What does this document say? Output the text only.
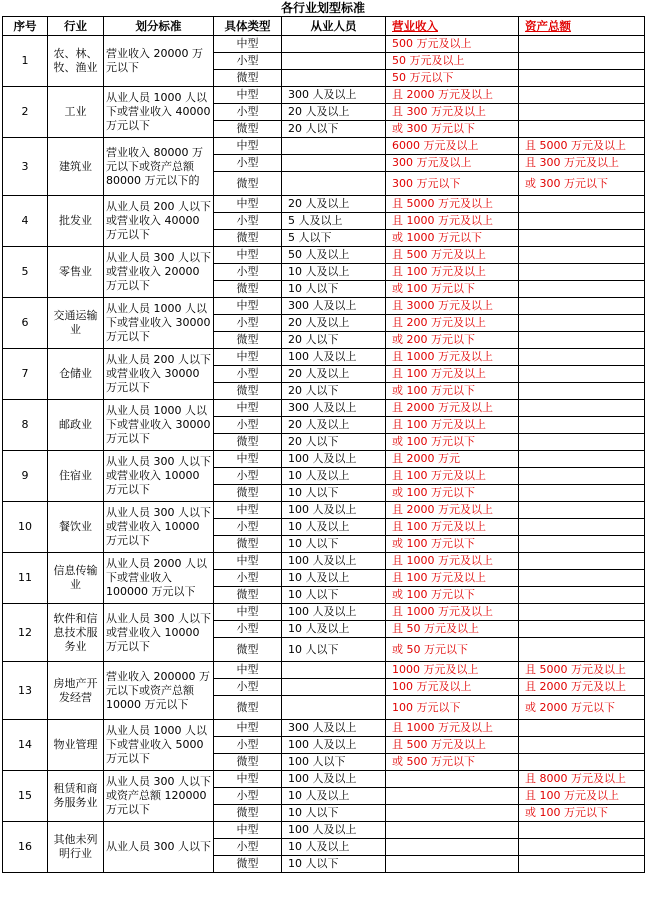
各行业划型标准
序号	行业	划分标准	具体类型	从业人员	营业收入	资产总额
1	农、林、牧、渔业	营业收入 20000 万元以下	中型		500 万元及以上	
			小型		50 万元及以上	
			微型		50 万元以下	
2	工业	从业人员 1000 人以下或营业收入 40000 万元以下	中型	300 人及以上	且 2000 万元及以上	
			小型	20 人及以上	且 300 万元及以上	
			微型	20 人以下	或 300 万元以下	
3	建筑业	营业收入 80000 万元以下或资产总额 80000 万元以下的	中型		6000 万元及以上	且 5000 万元及以上
			小型		300 万元及以上	且 300 万元及以上
			微型		300 万元以下	或 300 万元以下
4	批发业	从业人员 200 人以下或营业收入 40000 万元以下	中型	20 人及以上	且 5000 万元及以上	
			小型	5 人及以上	且 1000 万元及以上	
			微型	5 人以下	或 1000 万元以下	
5	零售业	从业人员 300 人以下或营业收入 20000 万元以下	中型	50 人及以上	且 500 万元及以上	
			小型	10 人及以上	且 100 万元及以上	
			微型	10 人以下	或 100 万元以下	
6	交通运输业	从业人员 1000 人以下或营业收入 30000 万元以下	中型	300 人及以上	且 3000 万元及以上	
			小型	20 人及以上	且 200 万元及以上	
			微型	20 人以下	或 200 万元以下	
7	仓储业	从业人员 200 人以下或营业收入 30000 万元以下	中型	100 人及以上	且 1000 万元及以上	
			小型	20 人及以上	且 100 万元及以上	
			微型	20 人以下	或 100 万元以下	
8	邮政业	从业人员 1000 人以下或营业收入 30000 万元以下	中型	300 人及以上	且 2000 万元及以上	
			小型	20 人及以上	且 100 万元及以上	
			微型	20 人以下	或 100 万元以下	
9	住宿业	从业人员 300 人以下或营业收入 10000 万元以下	中型	100 人及以上	且 2000 万元	
			小型	10 人及以上	且 100 万元及以上	
			微型	10 人以下	或 100 万元以下	
10	餐饮业	从业人员 300 人以下或营业收入 10000 万元以下	中型	100 人及以上	且 2000 万元及以上	
			小型	10 人及以上	且 100 万元及以上	
			微型	10 人以下	或 100 万元以下	
11	信息传输业	从业人员 2000 人以下或营业收入 100000 万元以下	中型	100 人及以上	且 1000 万元及以上	
			小型	10 人及以上	且 100 万元及以上	
			微型	10 人以下	或 100 万元以下	
12	软件和信息技术服务业	从业人员 300 人以下或营业收入 10000 万元以下	中型	100 人及以上	且 1000 万元及以上	
			小型	10 人及以上	且 50 万元及以上	
			微型	10 人以下	或 50 万元以下	
13	房地产开发经营	营业收入 200000 万元以下或资产总额 10000 万元以下	中型		1000 万元及以上	且 5000 万元及以上
			小型		100 万元及以上	且 2000 万元及以上
			微型		100 万元以下	或 2000 万元以下
14	物业管理	从业人员 1000 人以下或营业收入 5000 万元以下	中型	300 人及以上	且 1000 万元及以上	
			小型	100 人及以上	且 500 万元及以上	
			微型	100 人以下	或 500 万元以下	
15	租赁和商务服务业	从业人员 300 人以下或资产总额 120000 万元以下	中型	100 人及以上		且 8000 万元及以上
			小型	10 人及以上		且 100 万元及以上
			微型	10 人以下		或 100 万元以下
16	其他未列明行业	从业人员 300 人以下	中型	100 人及以上		
			小型	10 人及以上		
			微型	10 人以下		
